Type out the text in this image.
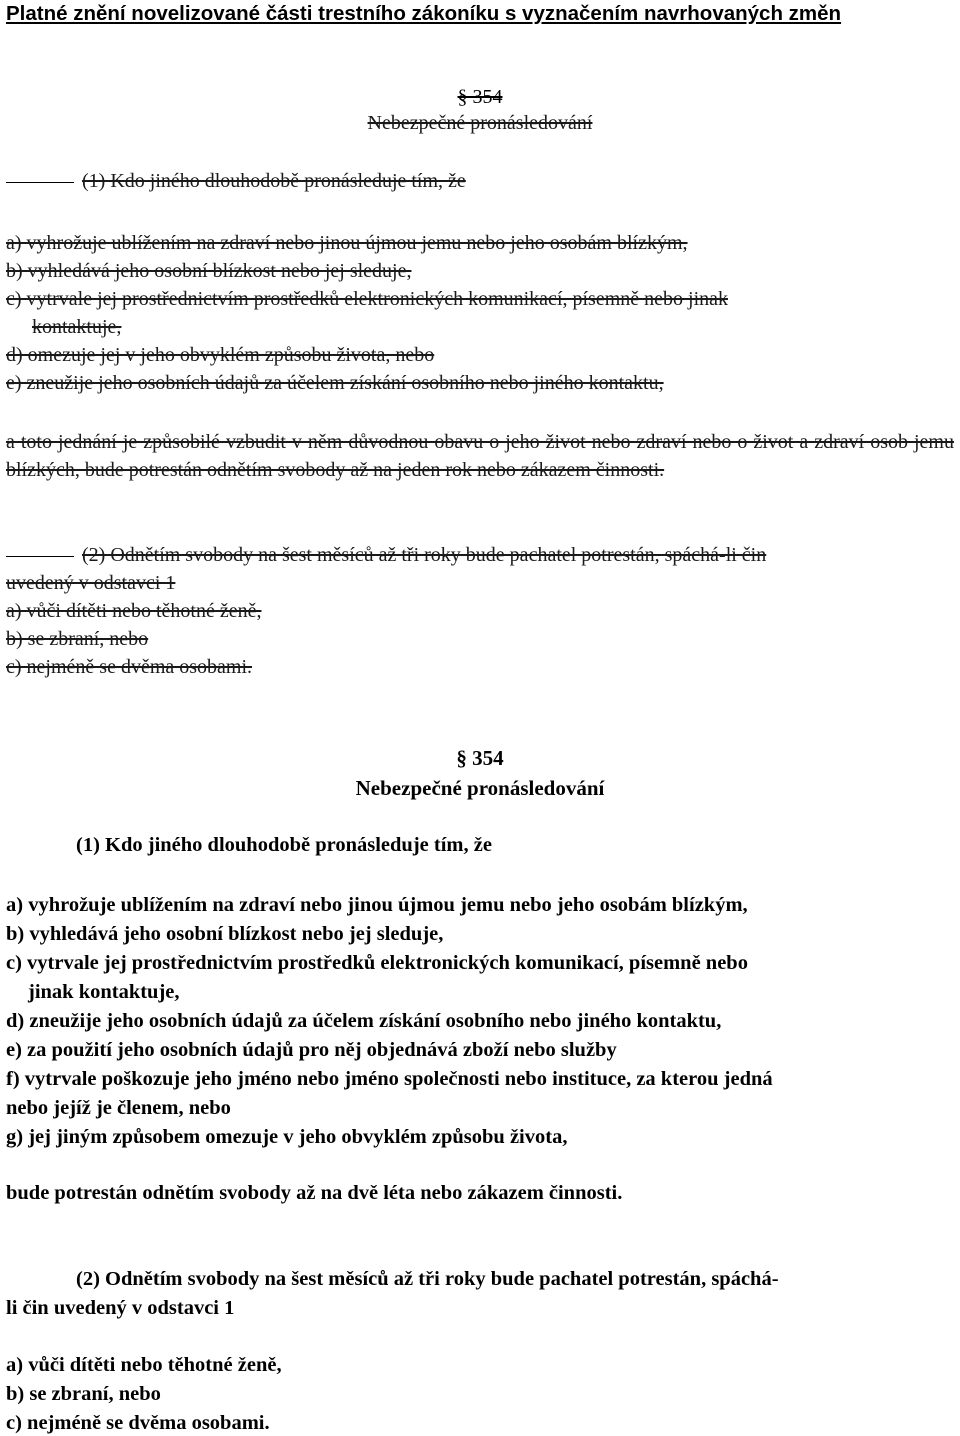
Platné znění novelizované části trestního zákoníku s vyznačením navrhovaných změn
§ 354
Nebezpečné pronásledování
(1) Kdo jiného dlouhodobě pronásleduje tím, že
a) vyhrožuje ublížením na zdraví nebo jinou újmou jemu nebo jeho osobám blízkým,
b) vyhledává jeho osobní blízkost nebo jej sleduje,
c) vytrvale jej prostřednictvím prostředků elektronických komunikací, písemně nebo jinak
kontaktuje,
d) omezuje jej v jeho obvyklém způsobu života, nebo
e) zneužije jeho osobních údajů za účelem získání osobního nebo jiného kontaktu,
a toto jednání je způsobilé vzbudit v něm důvodnou obavu o jeho život nebo zdraví nebo o život a zdraví osob jemu blízkých, bude potrestán odnětím svobody až na jeden rok nebo zákazem činnosti.
(2) Odnětím svobody na šest měsíců až tři roky bude pachatel potrestán, spáchá-li čin
uvedený v odstavci 1
a) vůči dítěti nebo těhotné ženě,
b) se zbraní, nebo
c) nejméně se dvěma osobami.
§ 354
Nebezpečné pronásledování
(1) Kdo jiného dlouhodobě pronásleduje tím, že
a) vyhrožuje ublížením na zdraví nebo jinou újmou jemu nebo jeho osobám blízkým,
b) vyhledává jeho osobní blízkost nebo jej sleduje,
c) vytrvale jej prostřednictvím prostředků elektronických komunikací, písemně nebo
jinak kontaktuje,
d) zneužije jeho osobních údajů za účelem získání osobního nebo jiného kontaktu,
e) za použití jeho osobních údajů pro něj objednává zboží nebo služby
f) vytrvale poškozuje jeho jméno nebo jméno společnosti nebo instituce, za kterou jedná
nebo jejíž je členem, nebo
g) jej jiným způsobem omezuje v jeho obvyklém způsobu života,
bude potrestán odnětím svobody až na dvě léta nebo zákazem činnosti.
(2) Odnětím svobody na šest měsíců až tři roky bude pachatel potrestán, spáchá-
li čin uvedený v odstavci 1
a) vůči dítěti nebo těhotné ženě,
b) se zbraní, nebo
c) nejméně se dvěma osobami.
